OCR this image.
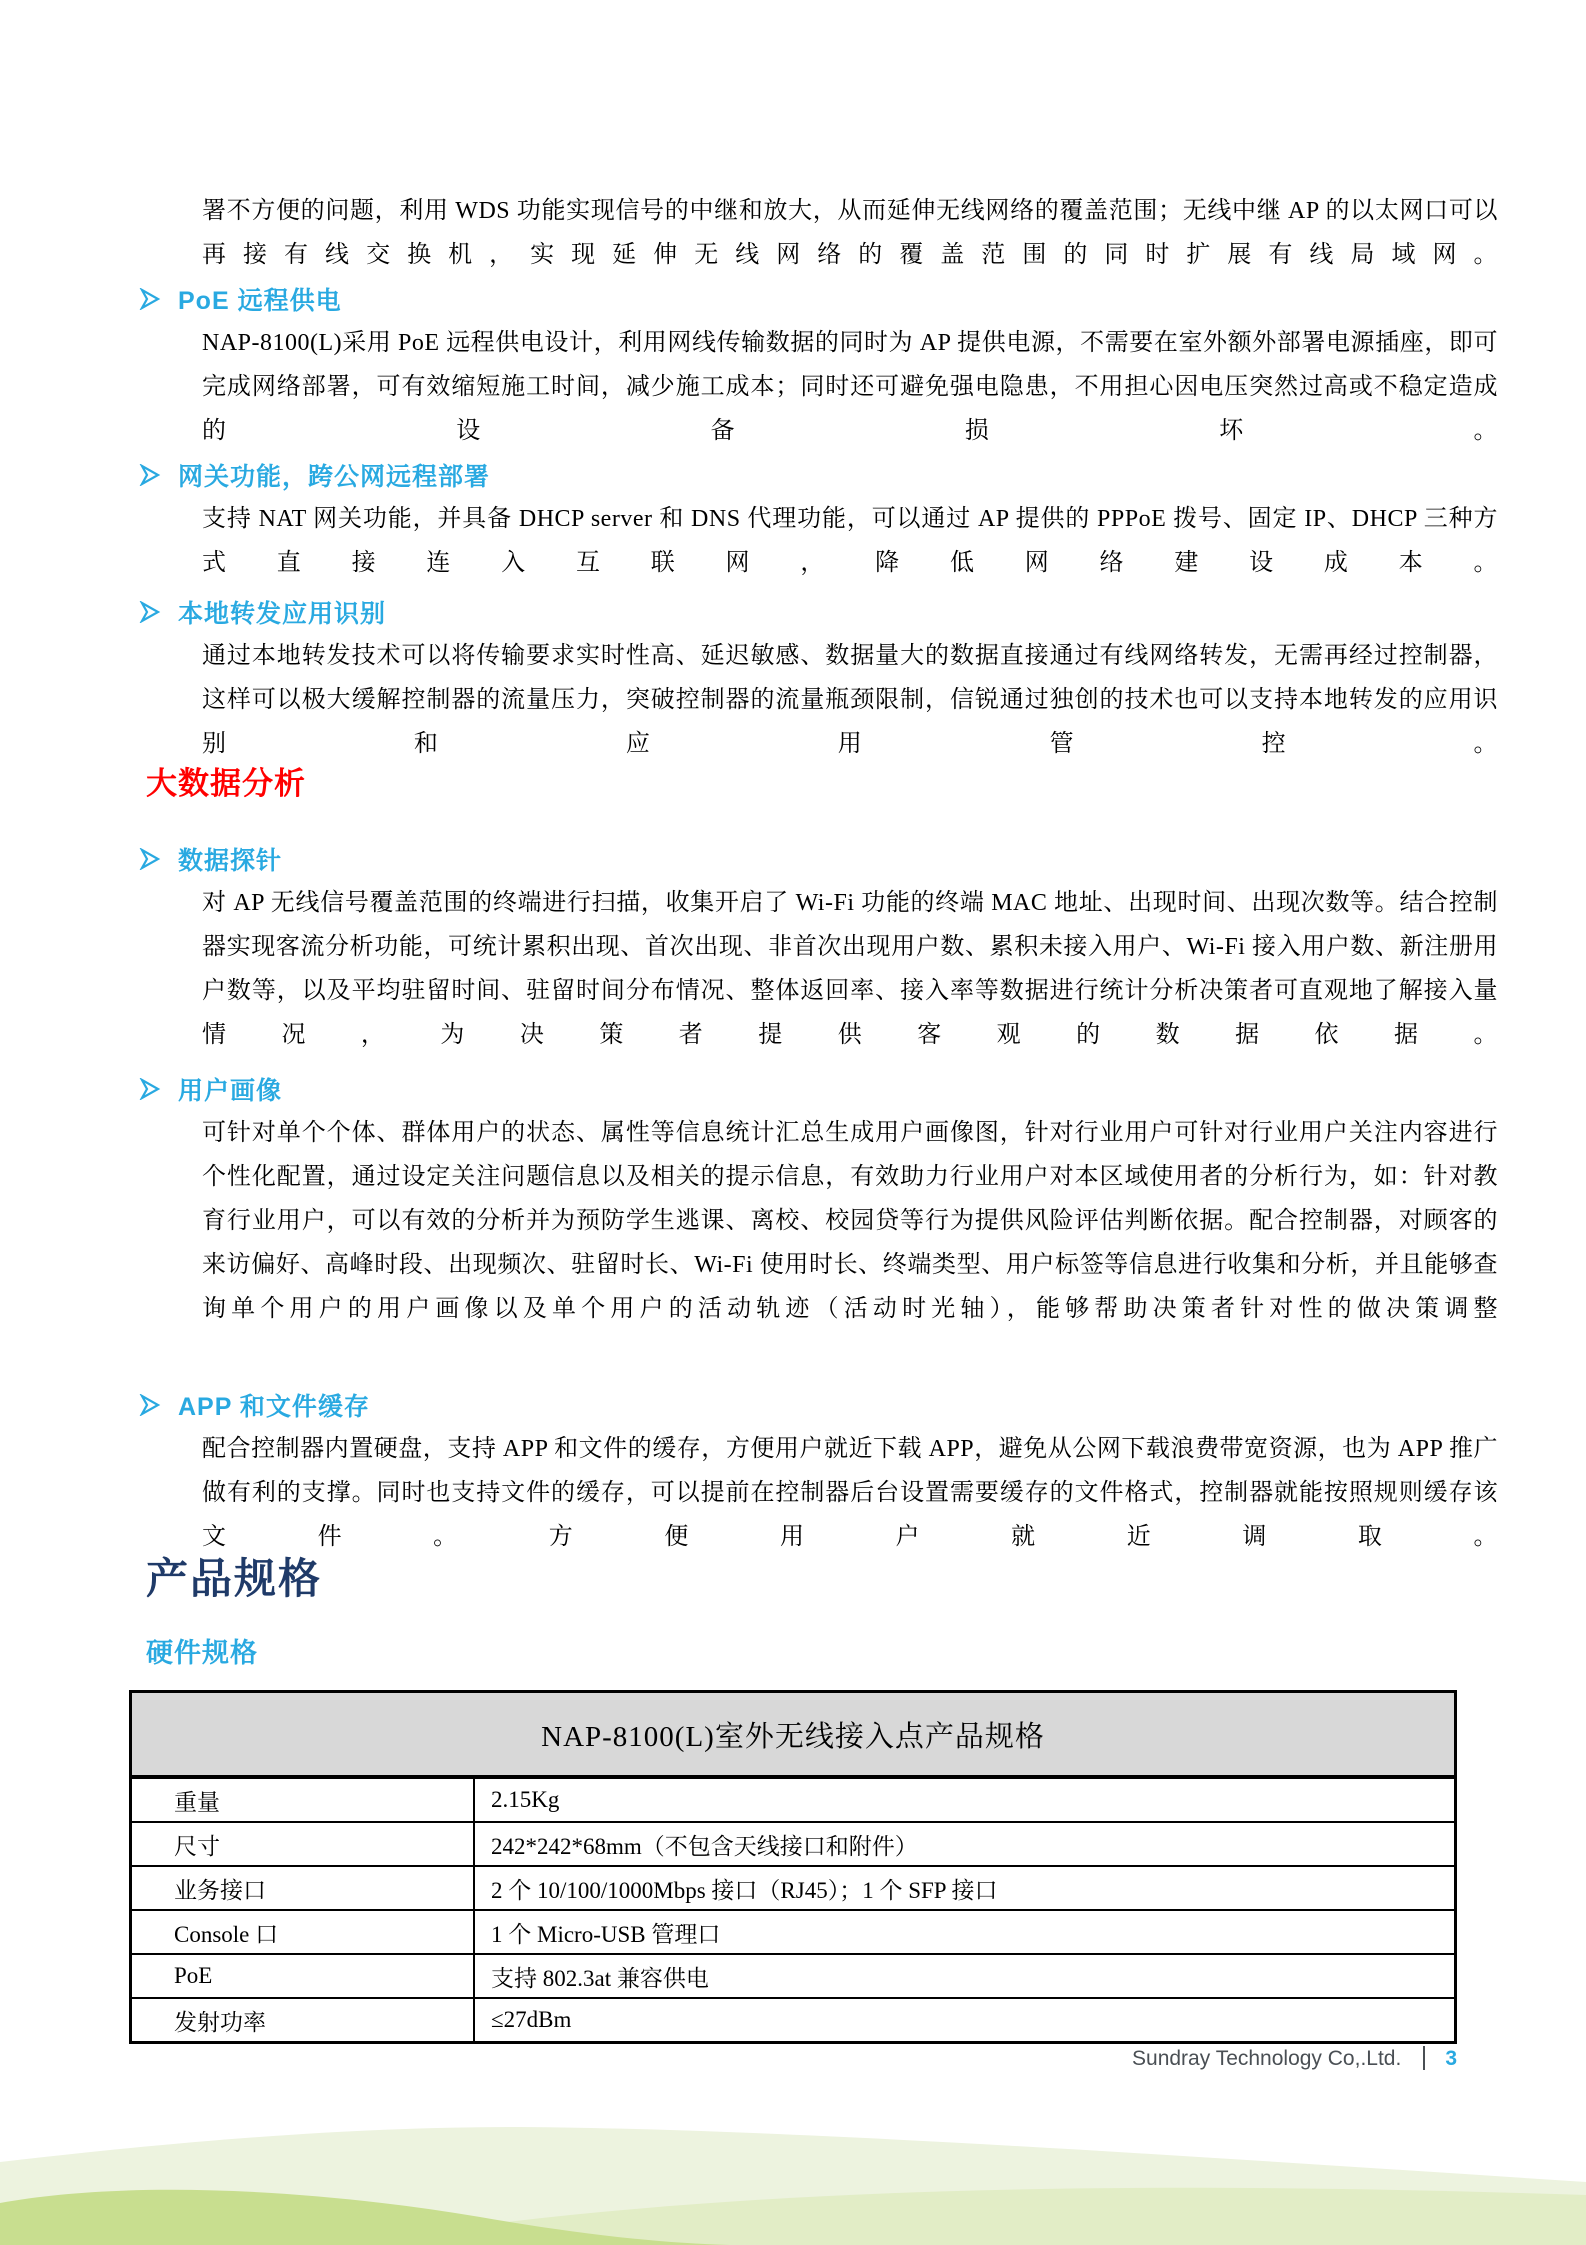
署不方便的问题，利用 WDS 功能实现信号的中继和放大，从而延伸无线网络的覆盖范围；无线中继 AP 的以太网口可以再接有线交换机，实现延伸无线网络的覆盖范围的同时扩展有线局域网。

PoE 远程供电

NAP-8100(L)采用 PoE 远程供电设计，利用网线传输数据的同时为 AP 提供电源，不需要在室外额外部署电源插座，即可完成网络部署，可有效缩短施工时间，减少施工成本；同时还可避免强电隐患，不用担心因电压突然过高或不稳定造成的设备损坏。

网关功能，跨公网远程部署

支持 NAT 网关功能，并具备 DHCP server 和 DNS 代理功能，可以通过 AP 提供的 PPPoE 拨号、固定 IP、DHCP 三种方式直接连入互联网，降低网络建设成本。

本地转发应用识别

通过本地转发技术可以将传输要求实时性高、延迟敏感、数据量大的数据直接通过有线网络转发，无需再经过控制器，这样可以极大缓解控制器的流量压力，突破控制器的流量瓶颈限制，信锐通过独创的技术也可以支持本地转发的应用识别和应用管控。

大数据分析
数据探针

对 AP 无线信号覆盖范围的终端进行扫描，收集开启了 Wi-Fi 功能的终端 MAC 地址、出现时间、出现次数等。结合控制器实现客流分析功能，可统计累积出现、首次出现、非首次出现用户数、累积未接入用户、Wi-Fi 接入用户数、新注册用户数等，以及平均驻留时间、驻留时间分布情况、整体返回率、接入率等数据进行统计分析决策者可直观地了解接入量情况，为决策者提供客观的数据依据。

用户画像

可针对单个个体、群体用户的状态、属性等信息统计汇总生成用户画像图，针对行业用户可针对行业用户关注内容进行个性化配置，通过设定关注问题信息以及相关的提示信息，有效助力行业用户对本区域使用者的分析行为，如：针对教育行业用户，可以有效的分析并为预防学生逃课、离校、校园贷等行为提供风险评估判断依据。配合控制器，对顾客的来访偏好、高峰时段、出现频次、驻留时长、Wi-Fi 使用时长、终端类型、用户标签等信息进行收集和分析，并且能够查询单个用户的用户画像以及单个用户的活动轨迹（活动时光轴），能够帮助决策者针对性的做决策调整

APP 和文件缓存

配合控制器内置硬盘，支持 APP 和文件的缓存，方便用户就近下载 APP，避免从公网下载浪费带宽资源，也为 APP 推广做有利的支撑。同时也支持文件的缓存，可以提前在控制器后台设置需要缓存的文件格式，控制器就能按照规则缓存该文件。方便用户就近调取。

产品规格
硬件规格
NAP-8100(L)室外无线接入点产品规格	
重量	2.15Kg
尺寸	242*242*68mm（不包含天线接口和附件）
业务接口	2 个 10/100/1000Mbps 接口（RJ45）；1 个 SFP 接口
Console 口	1 个 Micro-USB 管理口
PoE	支持 802.3at 兼容供电
发射功率	≤27dBm
Sundray Technology Co,.Ltd. 3
